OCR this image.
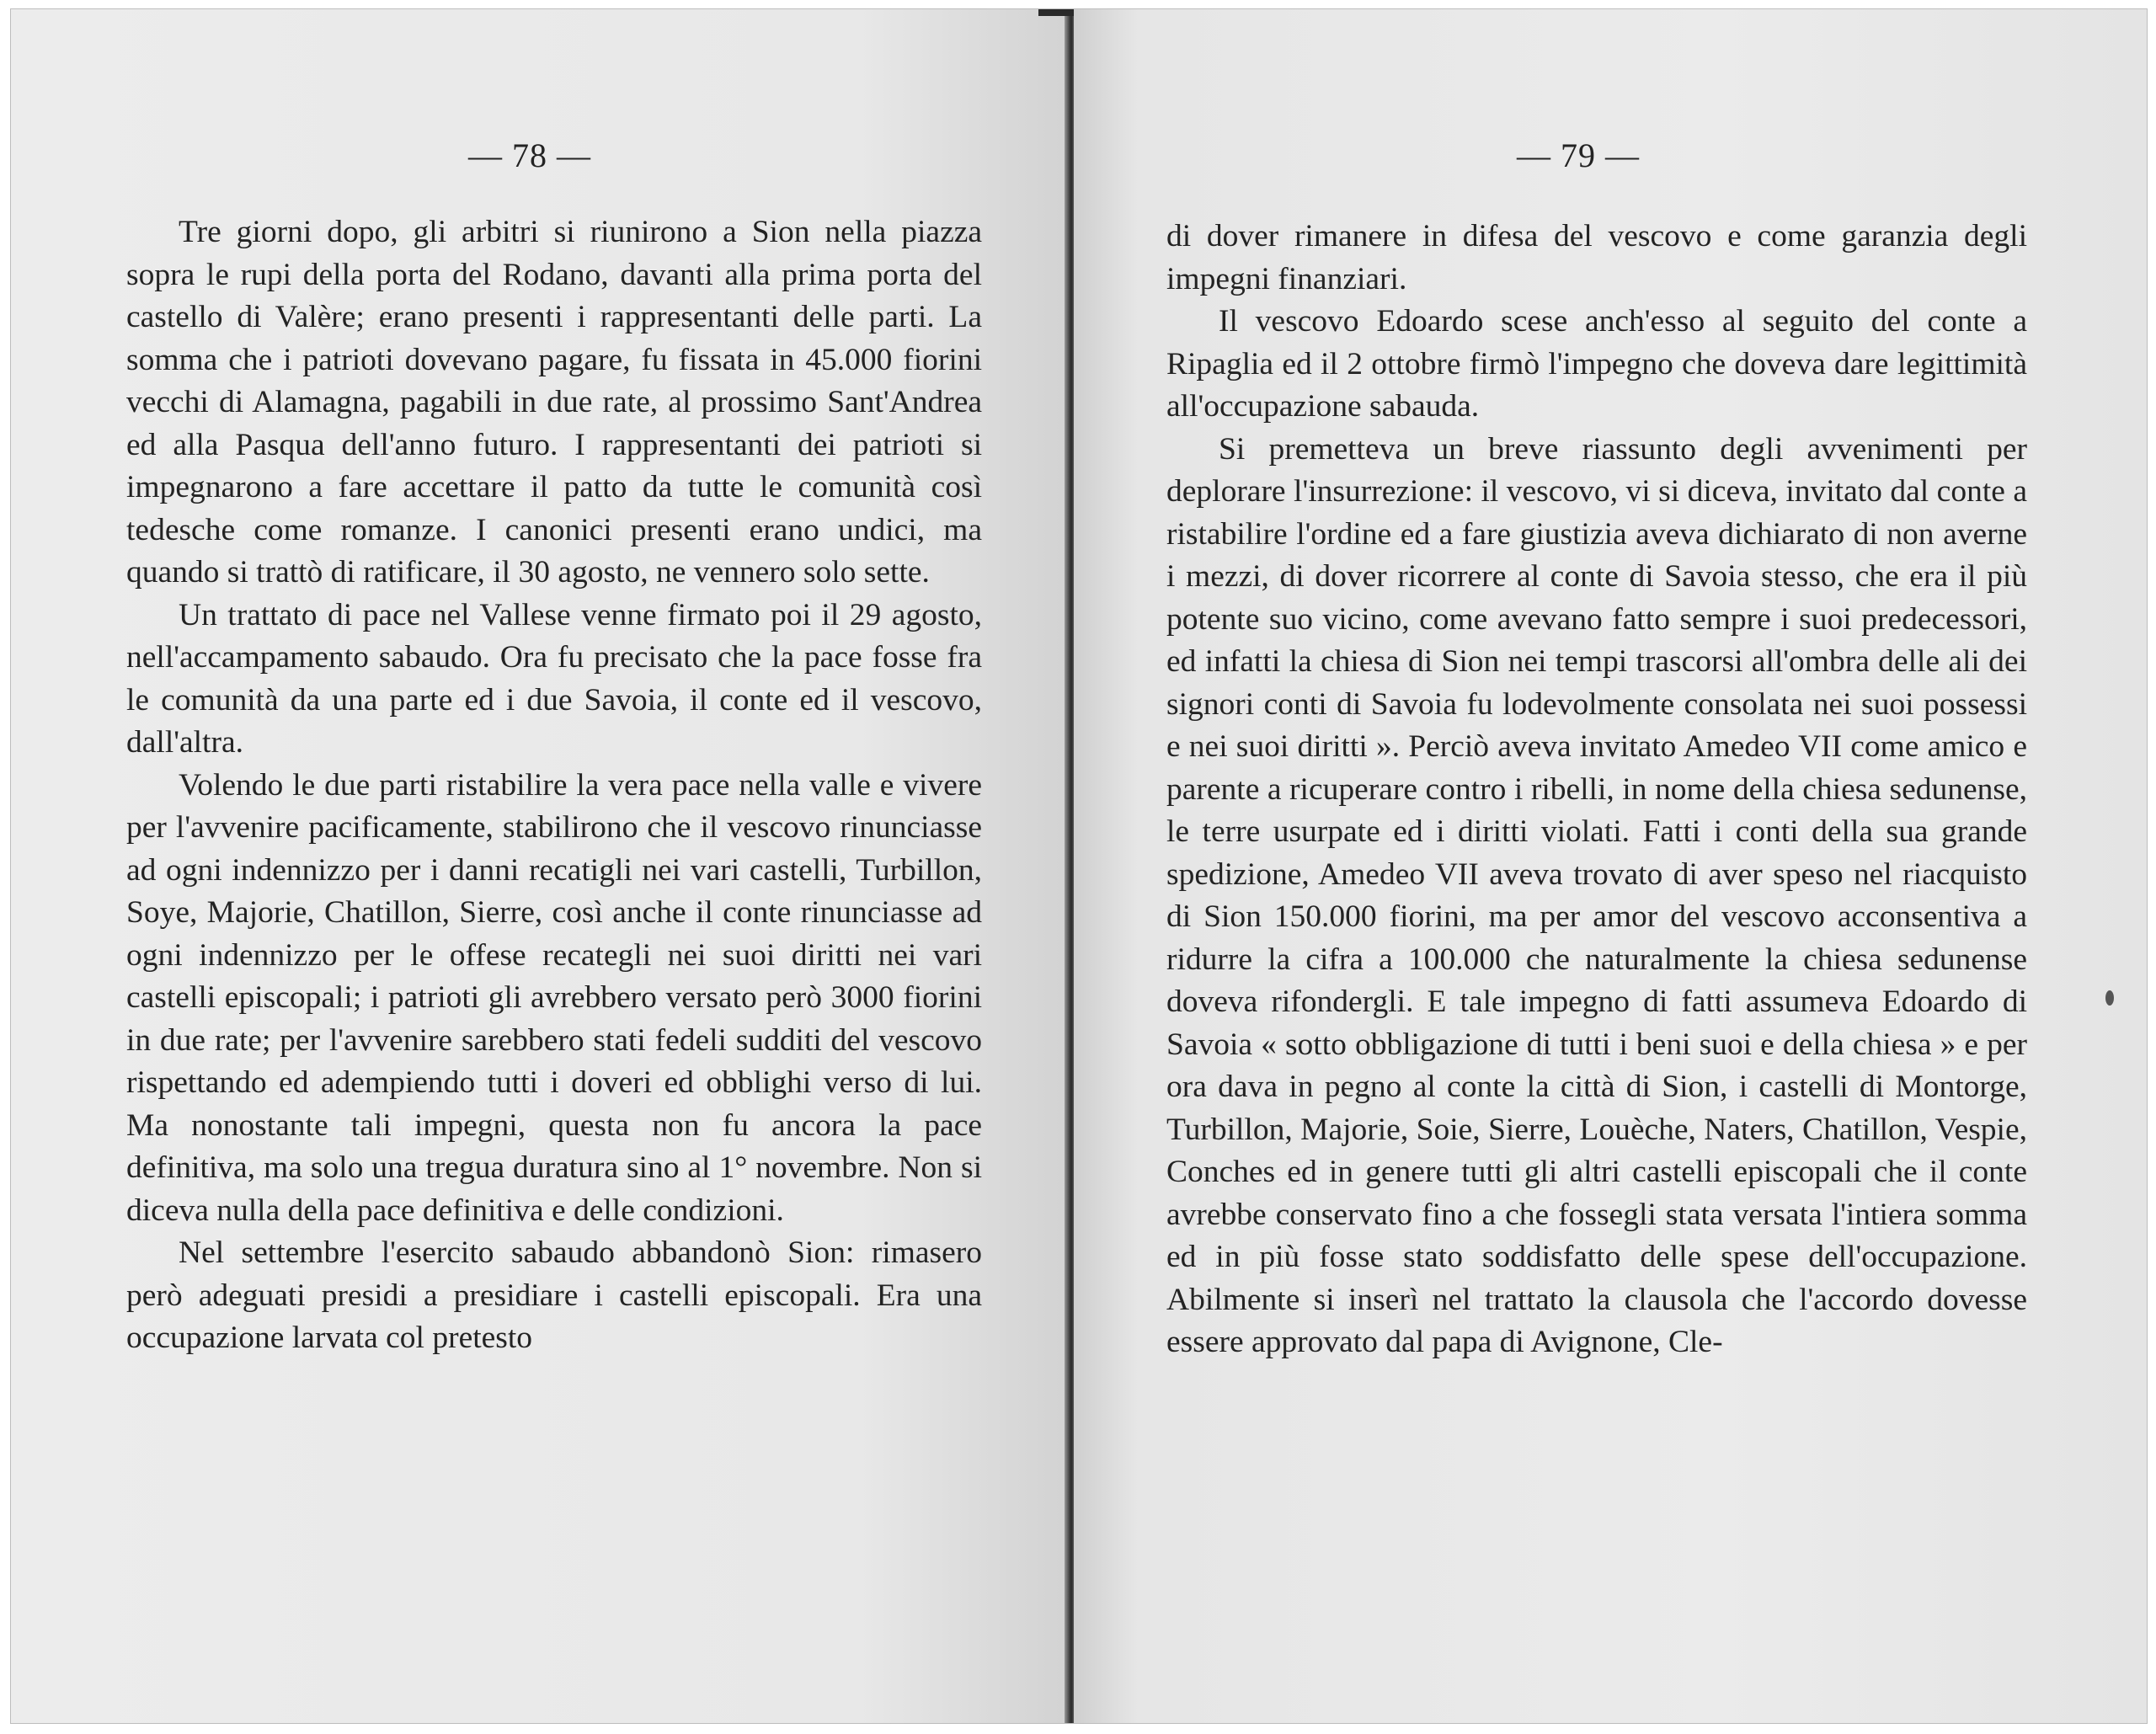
— 78 —

Tre giorni dopo, gli arbitri si riunirono a Sion nella piazza sopra le rupi della porta del Rodano, davanti alla prima porta del castello di Valère; erano presenti i rappresentanti delle parti. La somma che i patrioti dovevano pagare, fu fissata in 45.000 fiorini vecchi di Alamagna, pagabili in due rate, al prossimo Sant'Andrea ed alla Pasqua dell'anno futuro. I rappresentanti dei patrioti si impegnarono a fare accettare il patto da tutte le comunità così tedesche come romanze. I canonici presenti erano undici, ma quando si trattò di ratificare, il 30 agosto, ne vennero solo sette.

Un trattato di pace nel Vallese venne firmato poi il 29 agosto, nell'accampamento sabaudo. Ora fu precisato che la pace fosse fra le comunità da una parte ed i due Savoia, il conte ed il vescovo, dall'altra.

Volendo le due parti ristabilire la vera pace nella valle e vivere per l'avvenire pacificamente, stabilirono che il vescovo rinunciasse ad ogni indennizzo per i danni recatigli nei vari castelli, Turbillon, Soye, Majorie, Chatillon, Sierre, così anche il conte rinunciasse ad ogni indennizzo per le offese recategli nei suoi diritti nei vari castelli episcopali; i patrioti gli avrebbero versato però 3000 fiorini in due rate; per l'avvenire sarebbero stati fedeli sudditi del vescovo rispettando ed adempiendo tutti i doveri ed obblighi verso di lui. Ma nonostante tali impegni, questa non fu ancora la pace definitiva, ma solo una tregua duratura sino al 1° novembre. Non si diceva nulla della pace definitiva e delle condizioni.

Nel settembre l'esercito sabaudo abbandonò Sion: rimasero però adeguati presidi a presidiare i castelli episcopali. Era una occupazione larvata col pretesto

— 79 —

di dover rimanere in difesa del vescovo e come garanzia degli impegni finanziari.

Il vescovo Edoardo scese anch'esso al seguito del conte a Ripaglia ed il 2 ottobre firmò l'impegno che doveva dare legittimità all'occupazione sabauda.

Si premetteva un breve riassunto degli avvenimenti per deplorare l'insurrezione: il vescovo, vi si diceva, invitato dal conte a ristabilire l'ordine ed a fare giustizia aveva dichiarato di non averne i mezzi, di dover ricorrere al conte di Savoia stesso, che era il più potente suo vicino, come avevano fatto sempre i suoi predecessori, ed infatti la chiesa di Sion nei tempi trascorsi all'ombra delle ali dei signori conti di Savoia fu lodevolmente consolata nei suoi possessi e nei suoi diritti ». Perciò aveva invitato Amedeo VII come amico e parente a ricuperare contro i ribelli, in nome della chiesa sedunense, le terre usurpate ed i diritti violati. Fatti i conti della sua grande spedizione, Amedeo VII aveva trovato di aver speso nel riacquisto di Sion 150.000 fiorini, ma per amor del vescovo acconsentiva a ridurre la cifra a 100.000 che naturalmente la chiesa sedunense doveva rifondergli. E tale impegno di fatti assumeva Edoardo di Savoia « sotto obbligazione di tutti i beni suoi e della chiesa » e per ora dava in pegno al conte la città di Sion, i castelli di Montorge, Turbillon, Majorie, Soie, Sierre, Louèche, Naters, Chatillon, Vespie, Conches ed in genere tutti gli altri castelli episcopali che il conte avrebbe conservato fino a che fossegli stata versata l'intiera somma ed in più fosse stato soddisfatto delle spese dell'occupazione. Abilmente si inserì nel trattato la clausola che l'accordo dovesse essere approvato dal papa di Avignone, Cle-
